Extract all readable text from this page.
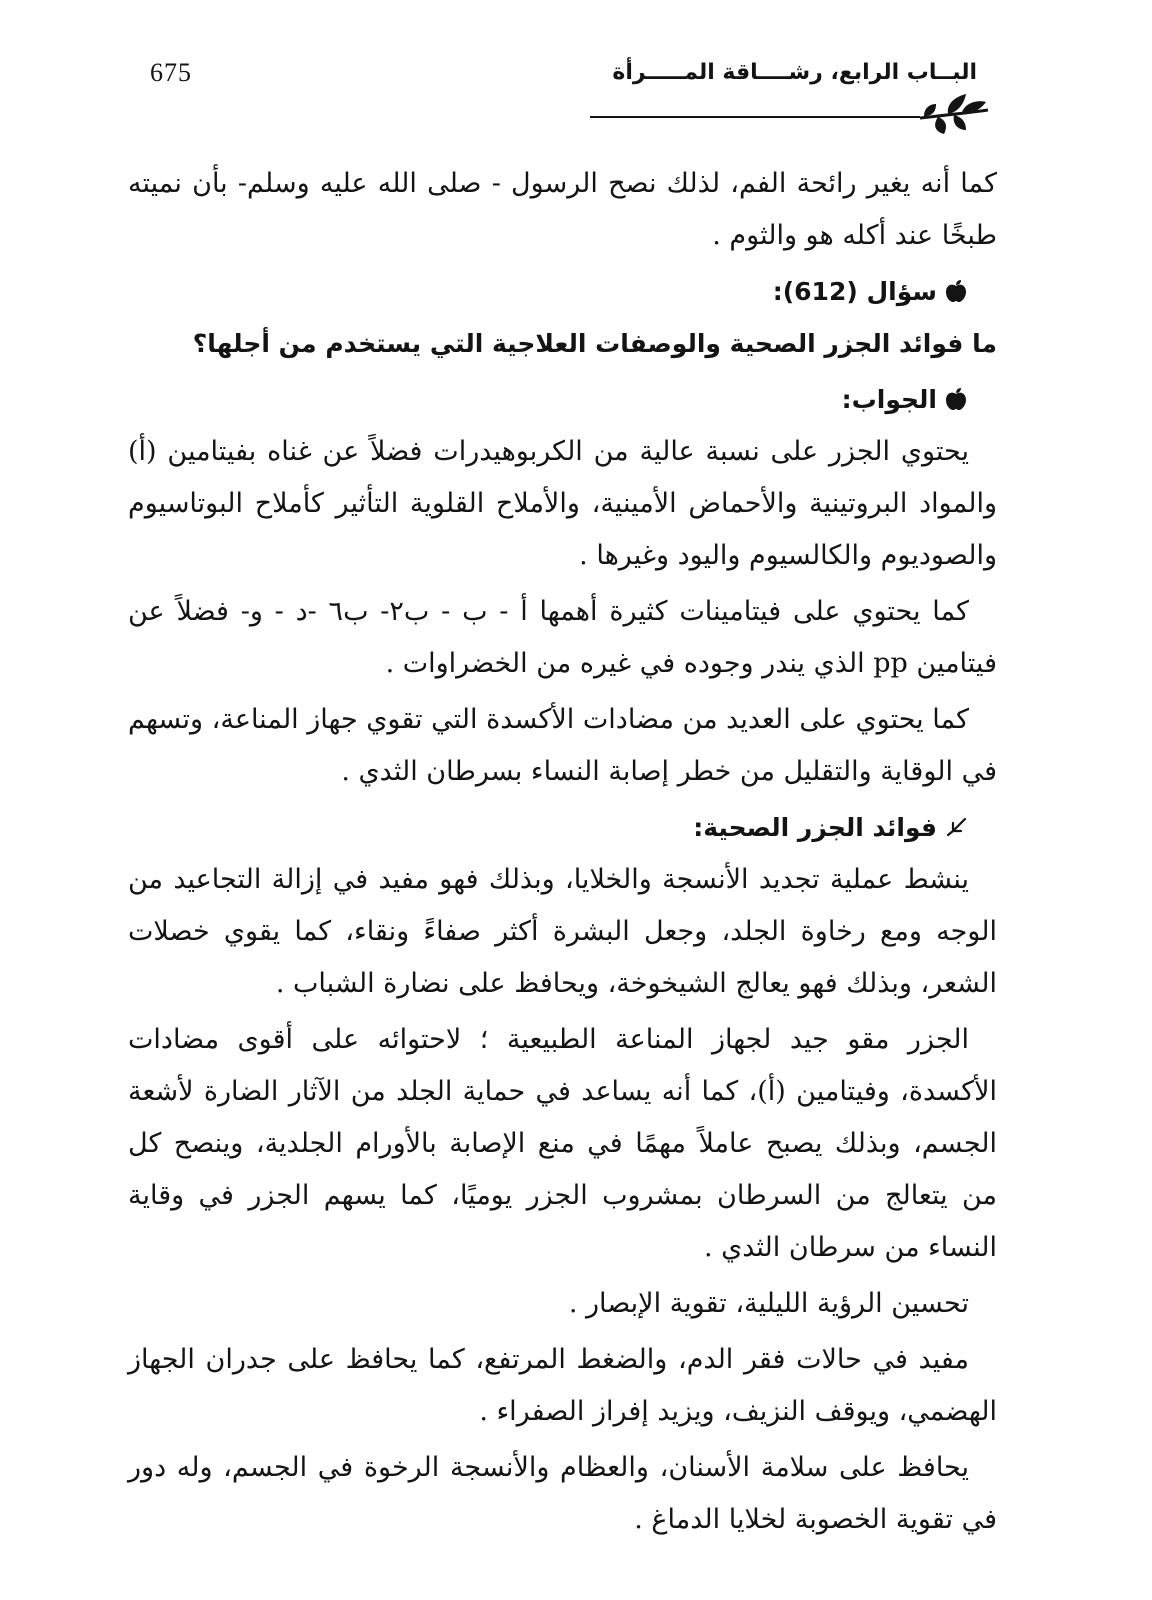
675	البــاب الرابع، رشــــاقة المـــــرأة

كما أنه يغير رائحة الفم، لذلك نصح الرسول - صلى الله عليه وسلم- بأن نميته طبخًا عند أكله هو والثوم .

سؤال (612):

ما فوائد الجزر الصحية والوصفات العلاجية التي يستخدم من أجلها؟

الجواب:

يحتوي الجزر على نسبة عالية من الكربوهيدرات فضلاً عن غناه بفيتامين (أ) والمواد البروتينية والأحماض الأمينية، والأملاح القلوية التأثير كأملاح البوتاسيوم والصوديوم والكالسيوم واليود وغيرها .

كما يحتوي على فيتامينات كثيرة أهمها أ - ب - ب٢- ب٦ -د - و- فضلاً عن فيتامين pp الذي يندر وجوده في غيره من الخضراوات .

كما يحتوي على العديد من مضادات الأكسدة التي تقوي جهاز المناعة، وتسهم في الوقاية والتقليل من خطر إصابة النساء بسرطان الثدي .

فوائد الجزر الصحية:

ينشط عملية تجديد الأنسجة والخلايا، وبذلك فهو مفيد في إزالة التجاعيد من الوجه ومع رخاوة الجلد، وجعل البشرة أكثر صفاءً ونقاء، كما يقوي خصلات الشعر، وبذلك فهو يعالج الشيخوخة، ويحافظ على نضارة الشباب .

الجزر مقو جيد لجهاز المناعة الطبيعية ؛ لاحتوائه على أقوى مضادات الأكسدة، وفيتامين (أ)، كما أنه يساعد في حماية الجلد من الآثار الضارة لأشعة الجسم، وبذلك يصبح عاملاً مهمًا في منع الإصابة بالأورام الجلدية، وينصح كل من يتعالج من السرطان بمشروب الجزر يوميًا، كما يسهم الجزر في وقاية النساء من سرطان الثدي .

تحسين الرؤية الليلية، تقوية الإبصار .

مفيد في حالات فقر الدم، والضغط المرتفع، كما يحافظ على جدران الجهاز الهضمي، ويوقف النزيف، ويزيد إفراز الصفراء .

يحافظ على سلامة الأسنان، والعظام والأنسجة الرخوة في الجسم، وله دور في تقوية الخصوبة لخلايا الدماغ .
